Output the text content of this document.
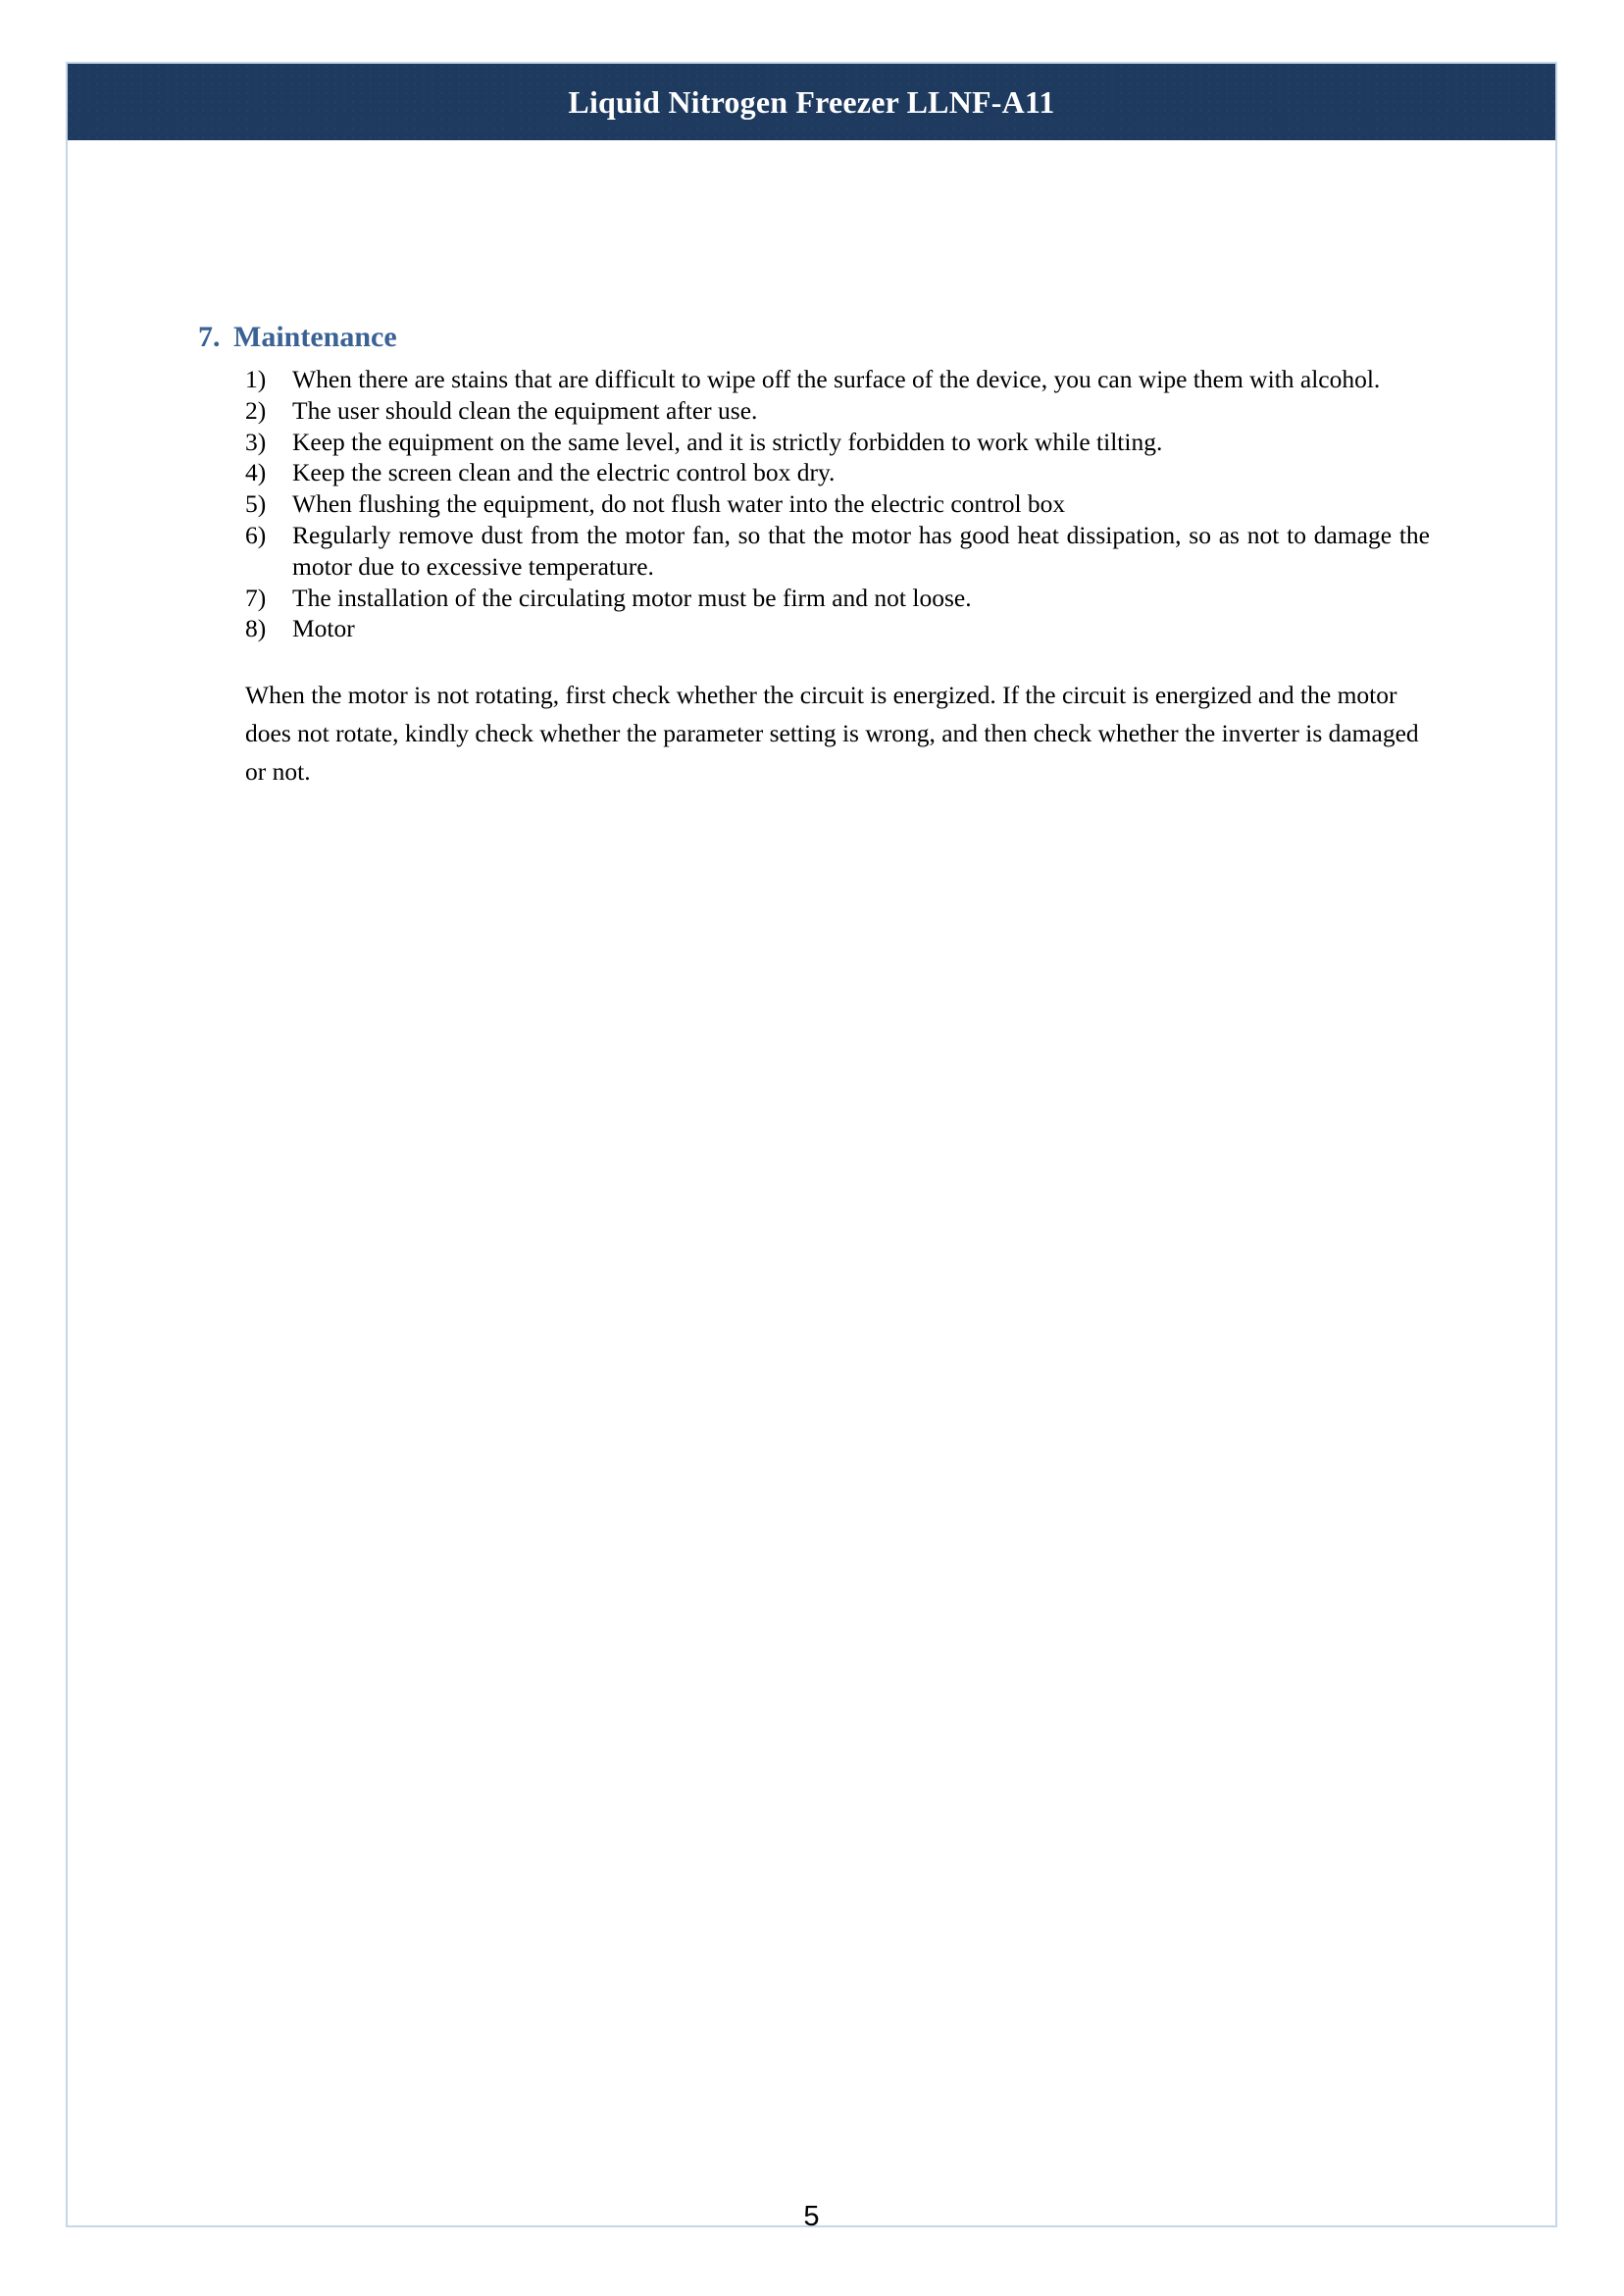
Liquid Nitrogen Freezer LLNF-A11
7. Maintenance
1)	When there are stains that are difficult to wipe off the surface of the device, you can wipe them with alcohol.
2)	The user should clean the equipment after use.
3)	Keep the equipment on the same level, and it is strictly forbidden to work while tilting.
4)	Keep the screen clean and the electric control box dry.
5)	When flushing the equipment, do not flush water into the electric control box
6)	Regularly remove dust from the motor fan, so that the motor has good heat dissipation, so as not to damage the motor due to excessive temperature.
7)	The installation of the circulating motor must be firm and not loose.
8)	Motor
When the motor is not rotating, first check whether the circuit is energized. If the circuit is energized and the motor does not rotate, kindly check whether the parameter setting is wrong, and then check whether the inverter is damaged or not.
5
